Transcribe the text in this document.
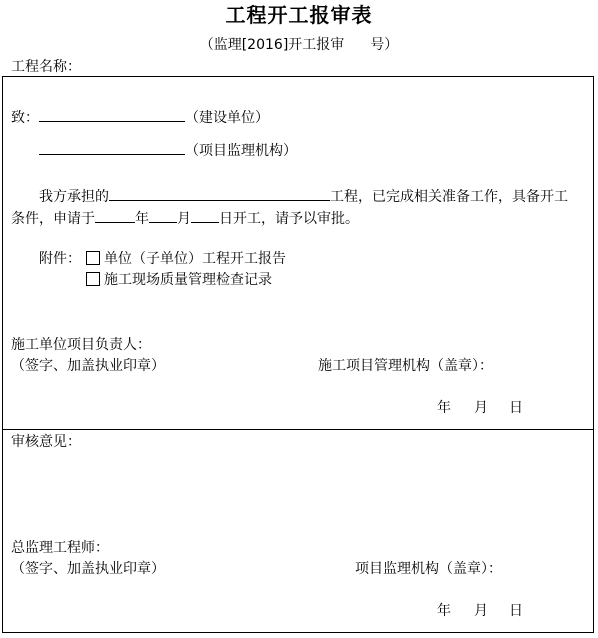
工程开工报审表
（监理[2016]开工报审 号）
工程名称：
致：	（建设单位）
（项目监理机构）
我方承担的	工程，已完成相关准备工作，具备开工
条件，申请于	年 月 日开工，请予以审批。
附件：	单位（子单位）工程开工报告
施工现场质量管理检查记录
施工单位项目负责人：
（签字、加盖执业印章）	施工项目管理机构（盖章）：
年 月 日
审核意见：
总监理工程师：
（签字、加盖执业印章）	项目监理机构（盖章）：
年 月 日
